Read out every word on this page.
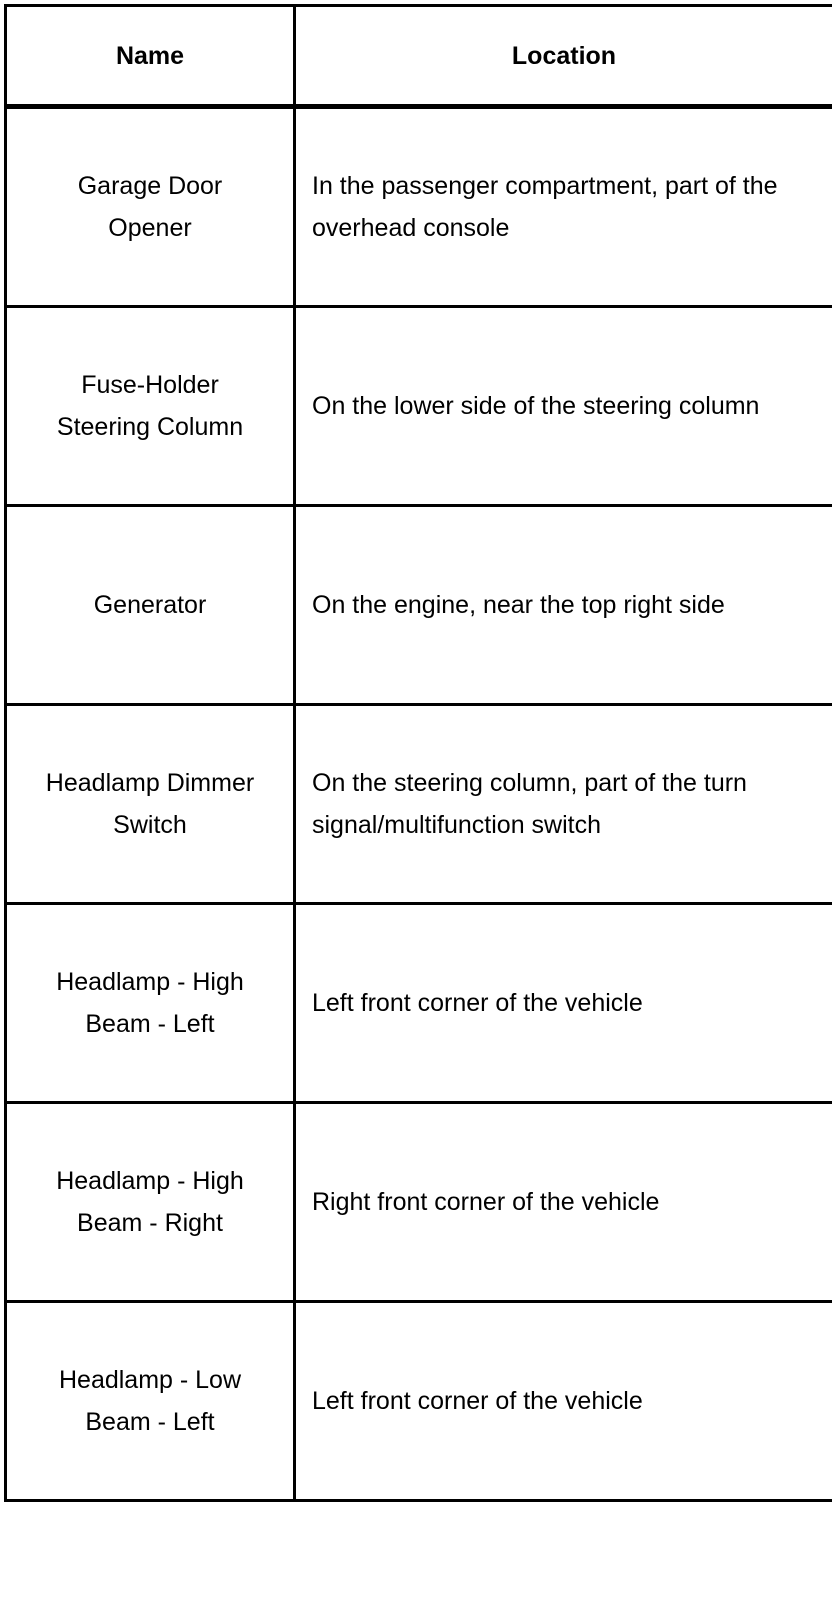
Name	Location
Garage Door Opener	In the passenger compartment, part of the overhead console
Fuse-Holder Steering Column	On the lower side of the steering column
Generator	On the engine, near the top right side
Headlamp Dimmer Switch	On the steering column, part of the turn signal/multifunction switch
Headlamp - High Beam - Left	Left front corner of the vehicle
Headlamp - High Beam - Right	Right front corner of the vehicle
Headlamp - Low Beam - Left	Left front corner of the vehicle
